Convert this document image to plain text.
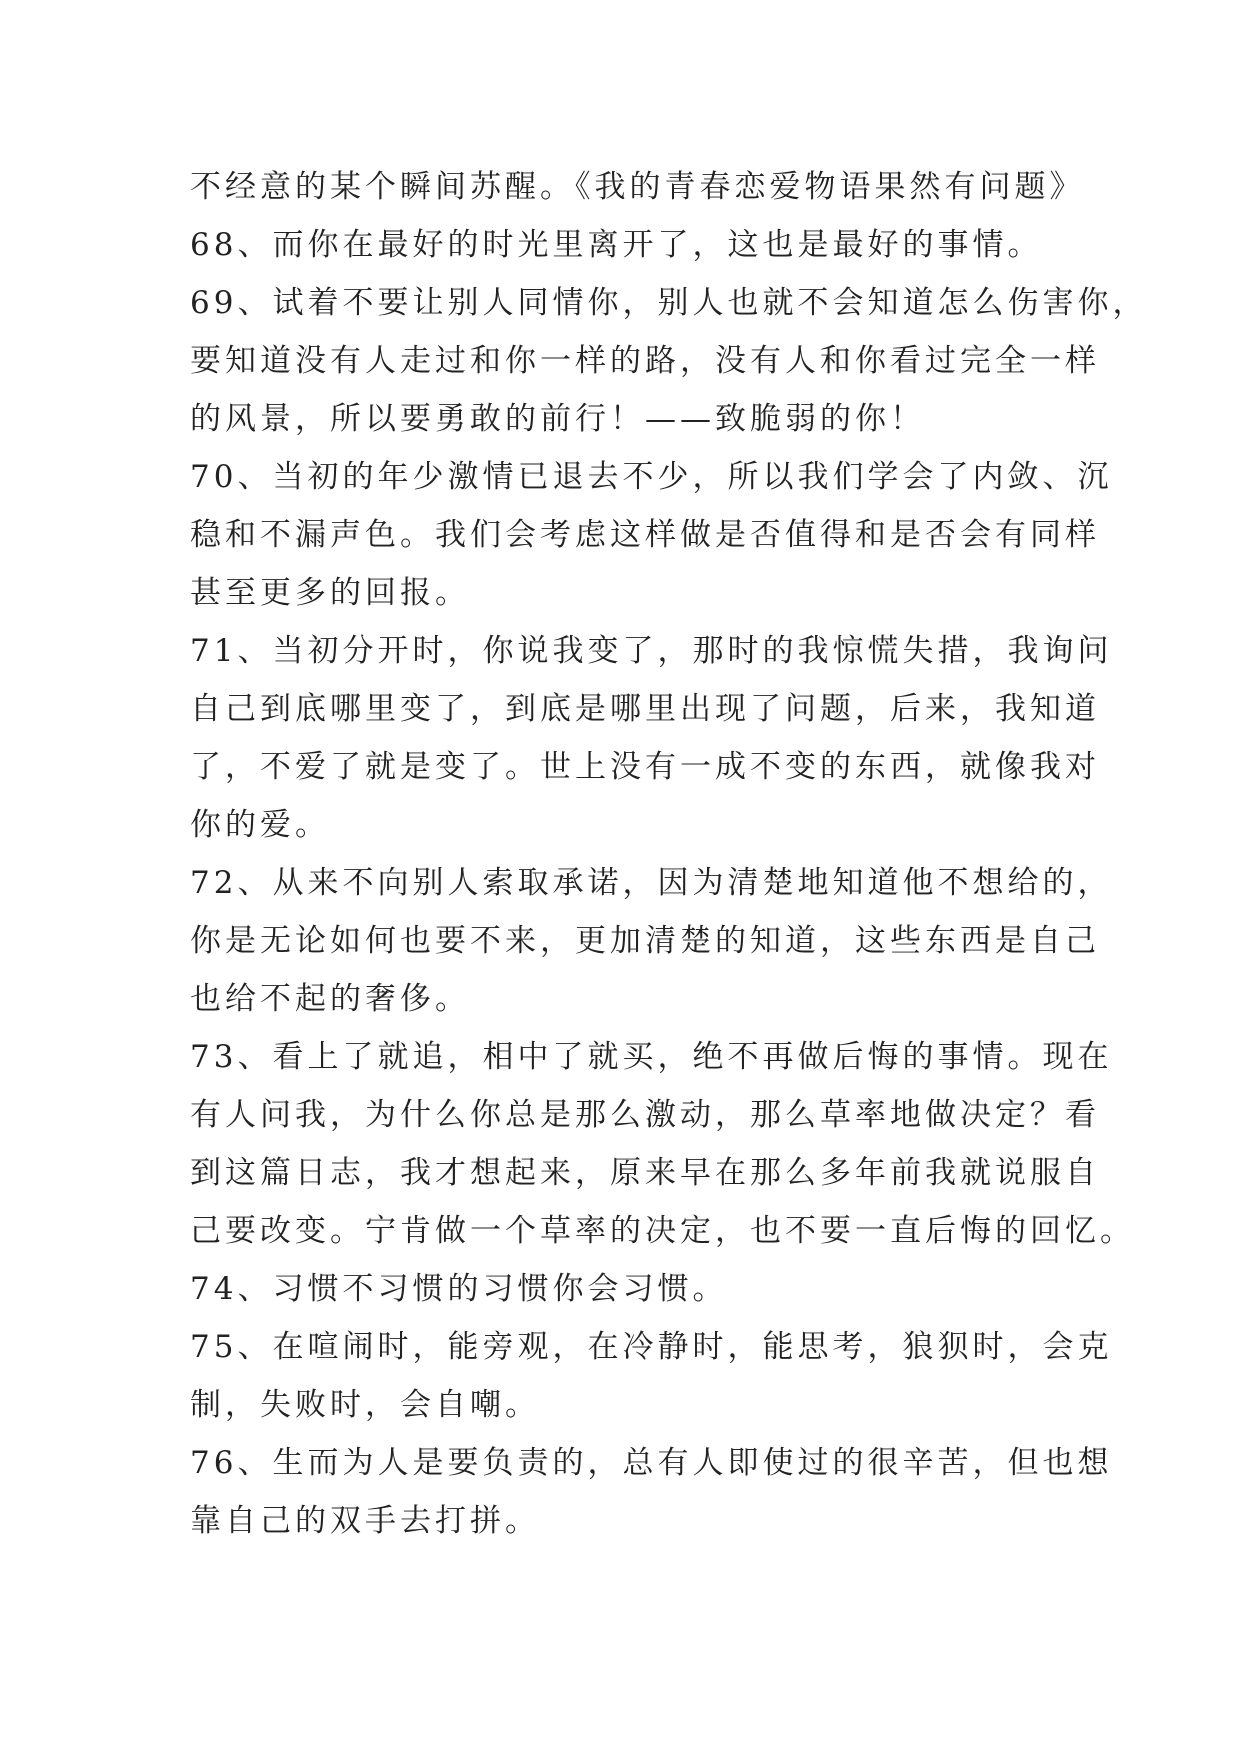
不经意的某个瞬间苏醒。《我的青春恋爱物语果然有问题》
68、而你在最好的时光里离开了，这也是最好的事情。
69、试着不要让别人同情你，别人也就不会知道怎么伤害你，
要知道没有人走过和你一样的路，没有人和你看过完全一样
的风景，所以要勇敢的前行！——致脆弱的你！
70、当初的年少激情已退去不少，所以我们学会了内敛、沉
稳和不漏声色。我们会考虑这样做是否值得和是否会有同样
甚至更多的回报。
71、当初分开时，你说我变了，那时的我惊慌失措，我询问
自己到底哪里变了，到底是哪里出现了问题，后来，我知道
了，不爱了就是变了。世上没有一成不变的东西，就像我对
你的爱。
72、从来不向别人索取承诺，因为清楚地知道他不想给的，
你是无论如何也要不来，更加清楚的知道，这些东西是自己
也给不起的奢侈。
73、看上了就追，相中了就买，绝不再做后悔的事情。现在
有人问我，为什么你总是那么激动，那么草率地做决定？看
到这篇日志，我才想起来，原来早在那么多年前我就说服自
己要改变。宁肯做一个草率的决定，也不要一直后悔的回忆。
74、习惯不习惯的习惯你会习惯。
75、在喧闹时，能旁观，在冷静时，能思考，狼狈时，会克
制，失败时，会自嘲。
76、生而为人是要负责的，总有人即使过的很辛苦，但也想
靠自己的双手去打拼。
